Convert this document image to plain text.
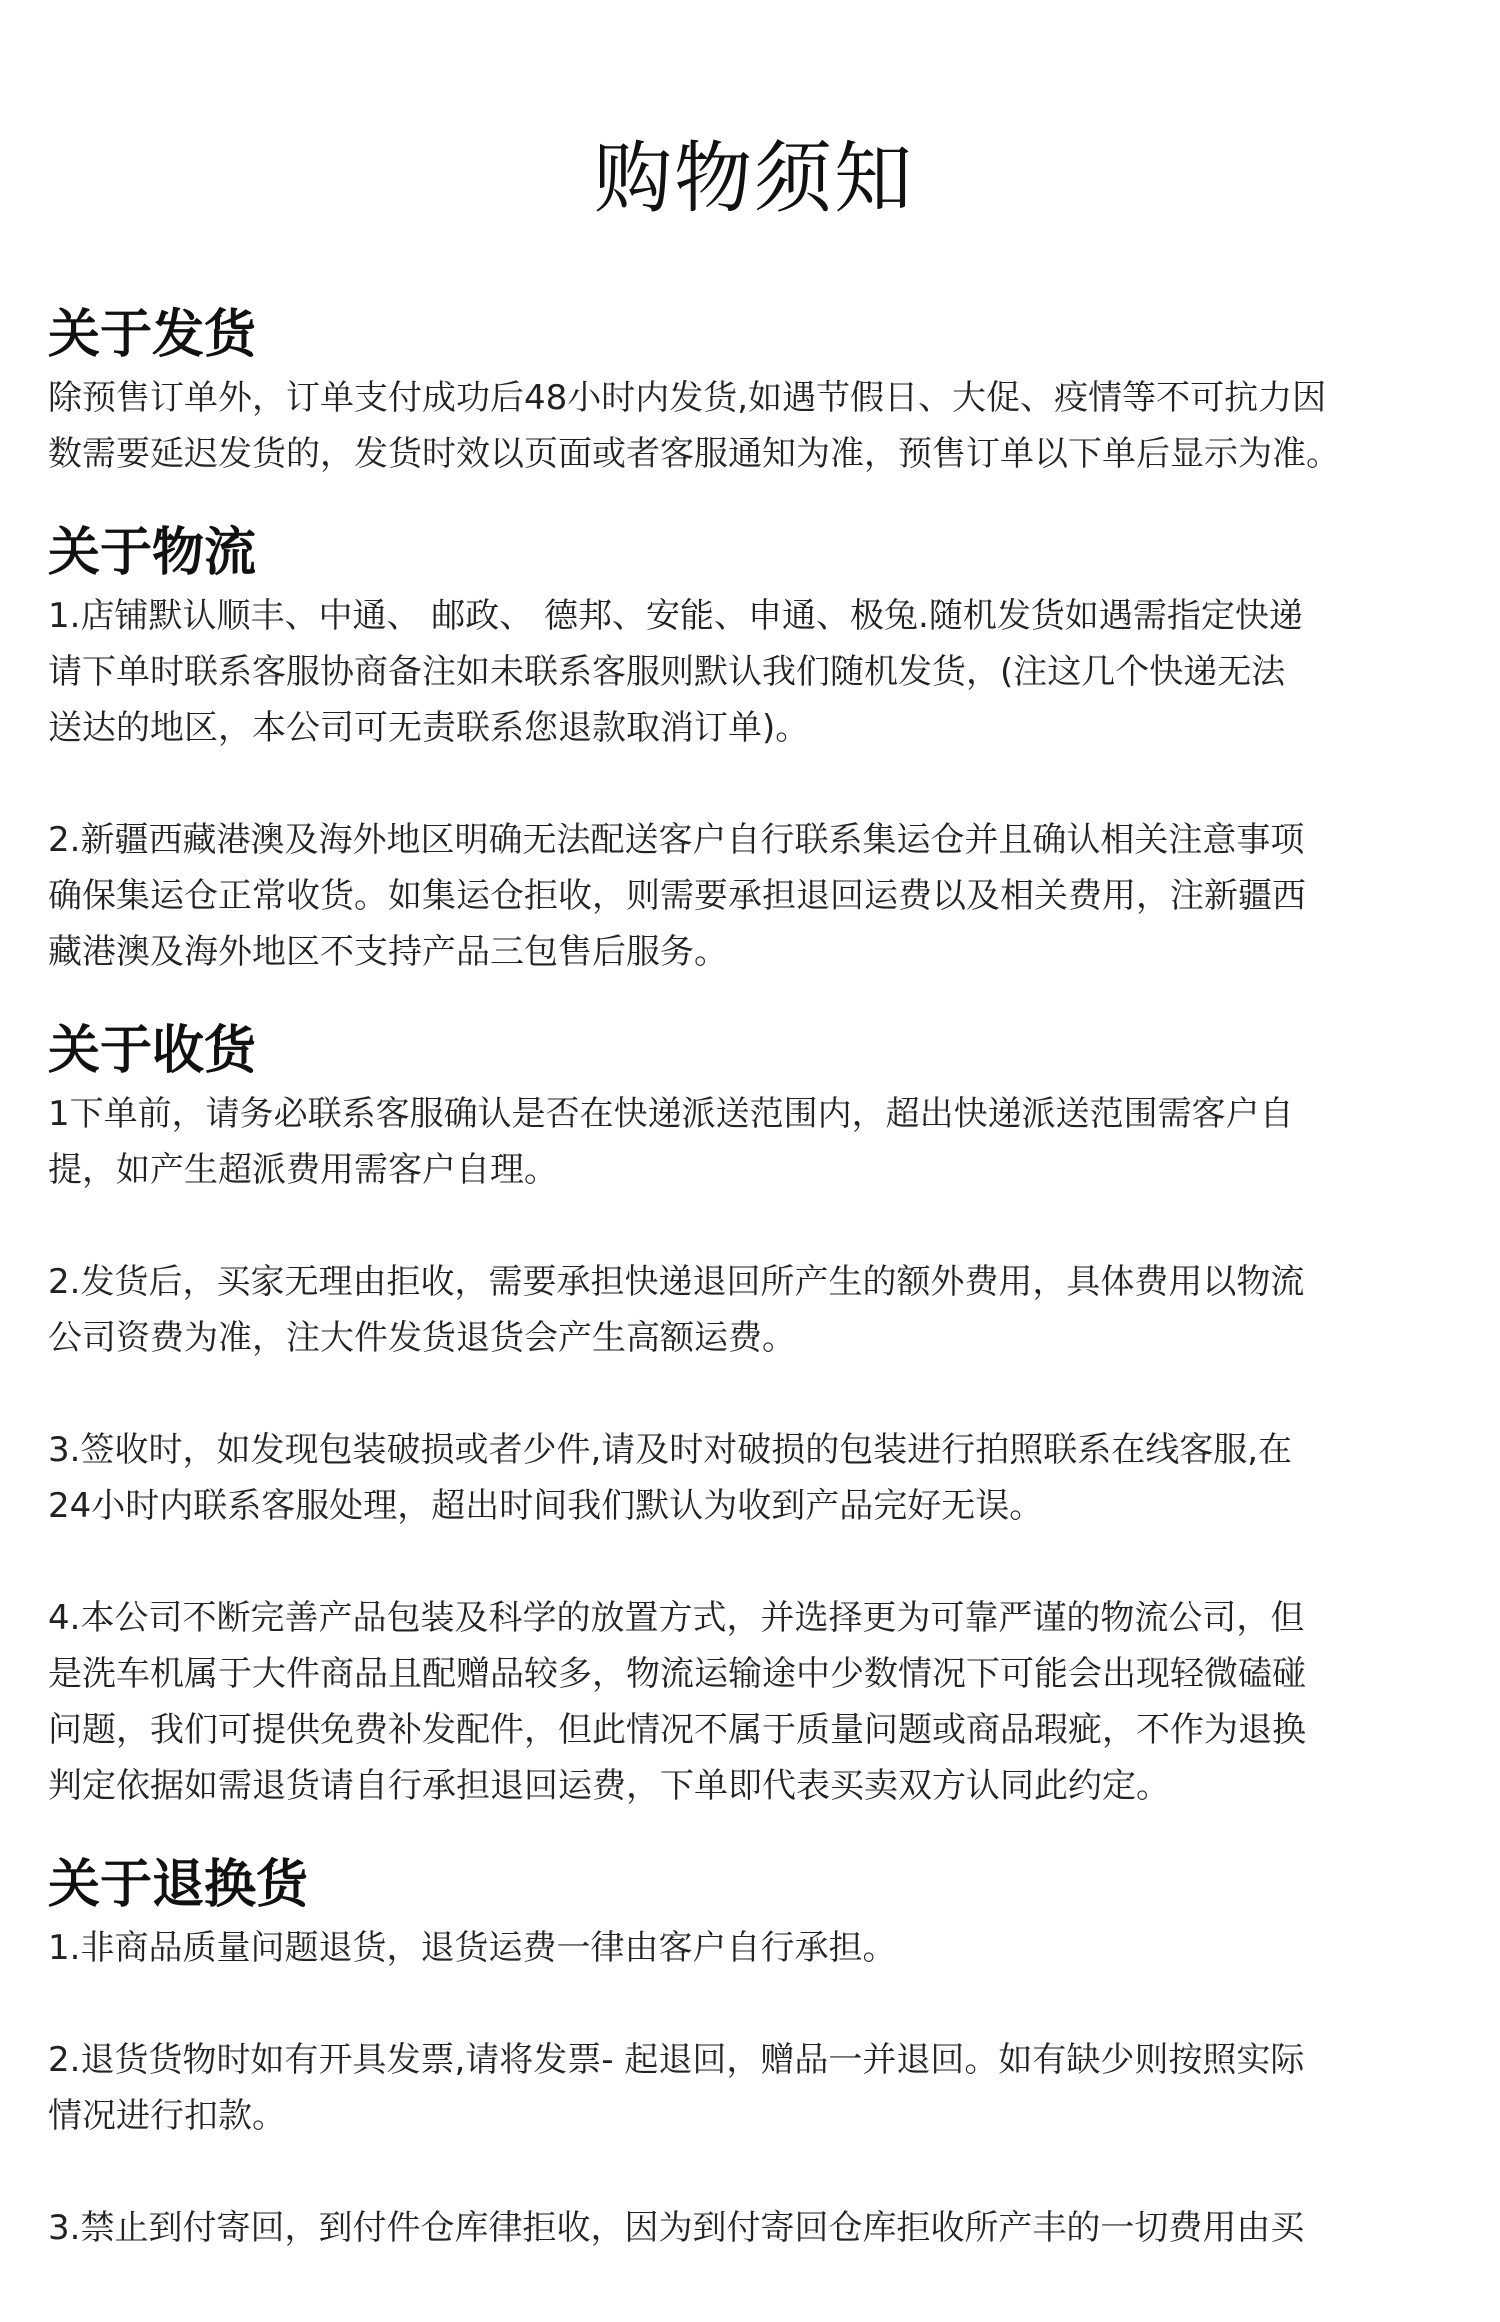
购物须知
关于发货

除预售订单外，订单支付成功后48小时内发货,如遇节假日、大促、疫情等不可抗力因
数需要延迟发货的，发货时效以页面或者客服通知为准，预售订单以下单后显示为准。

关于物流

1.店铺默认顺丰、中通、 邮政、 德邦、安能、申通、极兔.随机发货如遇需指定快递
请下单时联系客服协商备注如未联系客服则默认我们随机发货，(注这几个快递无法
送达的地区，本公司可无责联系您退款取消订单)。

2.新疆西藏港澳及海外地区明确无法配送客户自行联系集运仓并且确认相关注意事项
确保集运仓正常收货。如集运仓拒收，则需要承担退回运费以及相关费用，注新疆西
藏港澳及海外地区不支持产品三包售后服务。

关于收货

1下单前，请务必联系客服确认是否在快递派送范围内，超出快递派送范围需客户自
提，如产生超派费用需客户自理。

2.发货后，买家无理由拒收，需要承担快递退回所产生的额外费用，具体费用以物流
公司资费为准，注大件发货退货会产生高额运费。

3.签收时，如发现包装破损或者少件,请及时对破损的包装进行拍照联系在线客服,在
24小时内联系客服处理，超出时间我们默认为收到产品完好无误。

4.本公司不断完善产品包装及科学的放置方式，并选择更为可靠严谨的物流公司，但
是洗车机属于大件商品且配赠品较多，物流运输途中少数情况下可能会出现轻微磕碰
问题，我们可提供免费补发配件，但此情况不属于质量问题或商品瑕疵，不作为退换
判定依据如需退货请自行承担退回运费，下单即代表买卖双方认同此约定。

关于退换货

1.非商品质量问题退货，退货运费一律由客户自行承担。

2.退货货物时如有开具发票,请将发票- 起退回，赠品一并退回。如有缺少则按照实际
情况进行扣款。

3.禁止到付寄回，到付件仓库律拒收，因为到付寄回仓库拒收所产丰的一切费用由买
